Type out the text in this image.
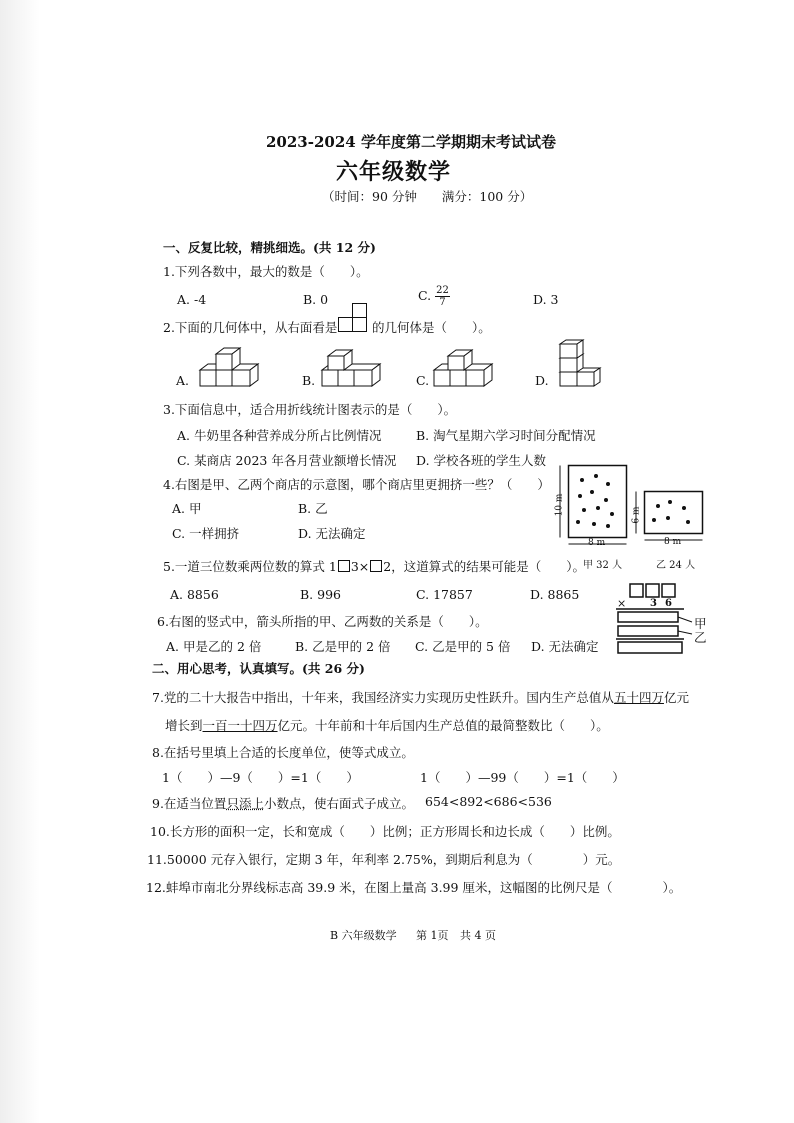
2023-2024 学年度第二学期期末考试试卷
六年级数学
（时间：90 分钟　　满分：100 分）
一、反复比较，精挑细选。(共 12 分)
1.下列各数中，最大的数是（　　）。
A. -4	B. 0	C. $\frac{22}{7}$	D. 3
2.下面的几何体中，从右面看是	的几何体是（　　）。
A.	B.	C.	D.
3.下面信息中，适合用折线统计图表示的是（　　）。
A. 牛奶里各种营养成分所占比例情况	B. 淘气星期六学习时间分配情况
C. 某商店 2023 年各月营业额增长情况 D. 学校各班的学生人数
4.右图是甲、乙两个商店的示意图，哪个商店里更拥挤一些？（　　）
A. 甲	B. 乙
C. 一样拥挤	D. 无法确定
10 m
8 m
甲 32 人
6 m
8 m
乙 24 人
5.一道三位数乘两位数的算式 1 3× 2，这道算式的结果可能是（　　）。
A. 8856	B. 996	C. 17857	D. 8865
× 3 6
甲
乙
6.右图的竖式中，箭头所指的甲、乙两数的关系是（　　）。
A. 甲是乙的 2 倍	B. 乙是甲的 2 倍 C. 乙是甲的 5 倍 D. 无法确定
二、用心思考，认真填写。(共 26 分)
7.党的二十大报告中指出，十年来，我国经济实力实现历史性跃升。国内生产总值从五十四万亿元
增长到一百一十四万亿元。十年前和十年后国内生产总值的最简整数比（　　）。
8.在括号里填上合适的长度单位，使等式成立。
1（　　）—9（　　）=1（　　）	1（　　）—99（　　）=1（　　）
9.在适当位置只添上小数点，使右面式子成立。 654<892<686<536
10.长方形的面积一定，长和宽成（　　）比例；正方形周长和边长成（　　）比例。
11.50000 元存入银行，定期 3 年，年利率 2.75%，到期后利息为（　　　　）元。
12.蚌埠市南北分界线标志高 39.9 米，在图上量高 3.99 厘米，这幅图的比例尺是（　　　　）。
B 六年级数学 第 1页 共 4 页
